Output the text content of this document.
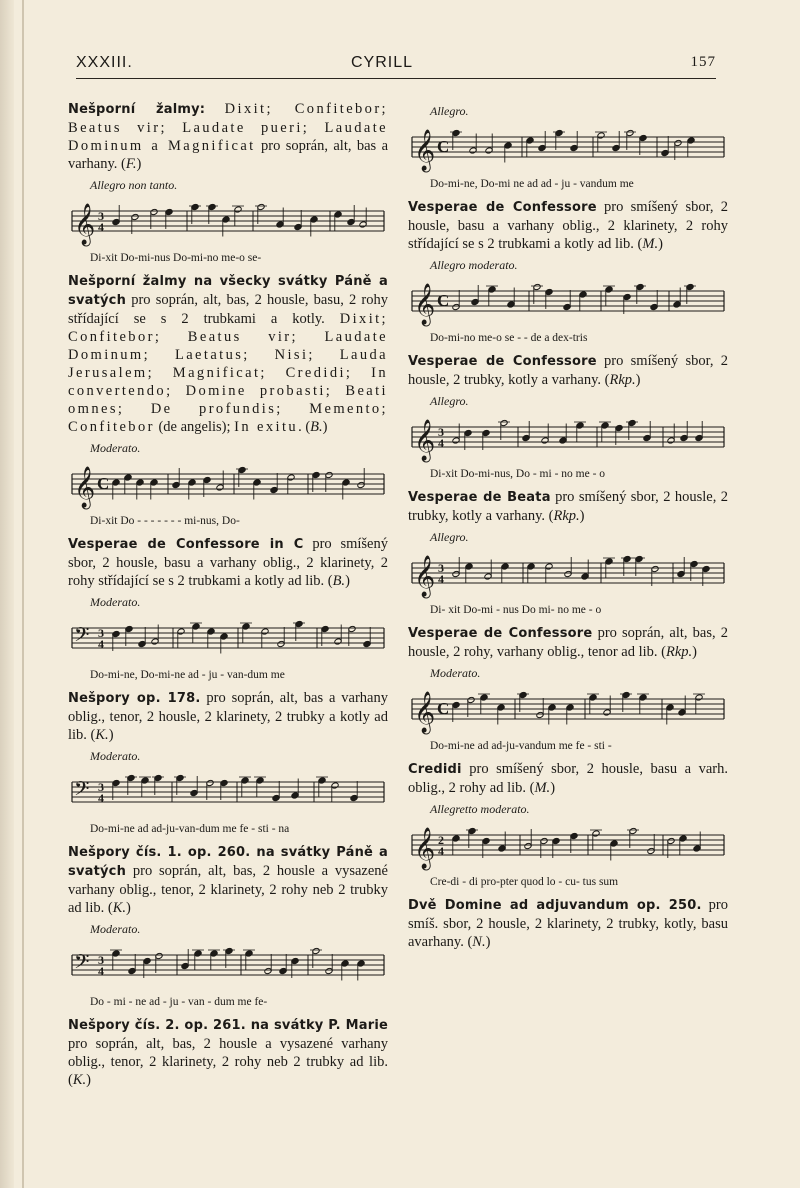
XXXIII.	CYRILL	157

Nešporní žalmy: Dixit; Confitebor; Beatus vir; Laudate pueri; Laudate Dominum a Magnificat pro soprán, alt, bas a varhany. (F.)

Allegro non tanto.
𝄞 3
4
Di-xit Do-mi-nus Do-mi-no me-o se-

Nešporní žalmy na všecky svátky Páně a svatých pro soprán, alt, bas, 2 housle, basu, 2 rohy střídající se s 2 trubkami a kotly. Dixit; Confitebor; Beatus vir; Laudate Dominum; Laetatus; Nisi; Lauda Jerusalem; Magnificat; Credidi; In convertendo; Domine probasti; Beati omnes; De profundis; Memento; Confitebor (de angelis); In exitu. (B.)

Moderato.
𝄞 C
Di-xit Do - - - - - - - mi-nus, Do-

Vesperae de Confessore in C pro smíšený sbor, 2 housle, basu a varhany oblig., 2 klarinety, 2 rohy střídající se s 2 trubkami a kotly ad lib. (B.)

Moderato.
𝄢 3
4
Do-mi-ne, Do-mi-ne ad - ju - van-dum me

Nešpory op. 178. pro soprán, alt, bas a varhany oblig., tenor, 2 housle, 2 klarinety, 2 trubky a kotly ad lib. (K.)

Moderato.
𝄢 3
4
Do-mi-ne ad ad-ju-van-dum me fe - sti - na

Nešpory čís. 1. op. 260. na svátky Páně a svatých pro soprán, alt, bas, 2 housle a vysazené varhany oblig., tenor, 2 klarinety, 2 rohy neb 2 trubky ad lib. (K.)

Moderato.
𝄢 3
4
Do - mi - ne ad - ju - van - dum me fe-

Nešpory čís. 2. op. 261. na svátky P. Marie pro soprán, alt, bas, 2 housle a vysazené varhany oblig., tenor, 2 klarinety, 2 rohy neb 2 trubky ad lib. (K.)

Allegro.
𝄞 C
Do-mi-ne, Do-mi ne ad ad - ju - vandum me

Vesperae de Confessore pro smíšený sbor, 2 housle, basu a varhany oblig., 2 klarinety, 2 rohy střídající se s 2 trubkami a kotly ad lib. (M.)

Allegro moderato.
𝄞 C
Do-mi-no me-o se - - de a dex-tris

Vesperae de Confessore pro smíšený sbor, 2 housle, 2 trubky, kotly a varhany. (Rkp.)

Allegro.
𝄞 3
4
Di-xit Do-mi-nus, Do - mi - no me - o

Vesperae de Beata pro smíšený sbor, 2 housle, 2 trubky, kotly a varhany. (Rkp.)

Allegro.
𝄞 3
4
Di- xit Do-mi - nus Do mi- no me - o

Vesperae de Confessore pro soprán, alt, bas, 2 housle, 2 rohy, varhany oblig., tenor ad lib. (Rkp.)

Moderato.
𝄞 C
Do-mi-ne ad ad-ju-vandum me fe - sti -

Credidi pro smíšený sbor, 2 housle, basu a varh. oblig., 2 rohy ad lib. (M.)

Allegretto moderato.
𝄞 2
4
Cre-di - di pro-pter quod lo - cu- tus sum

Dvě Domine ad adjuvandum op. 250. pro smíš. sbor, 2 housle, 2 klarinety, 2 trubky, kotly, basu avarhany. (N.)
